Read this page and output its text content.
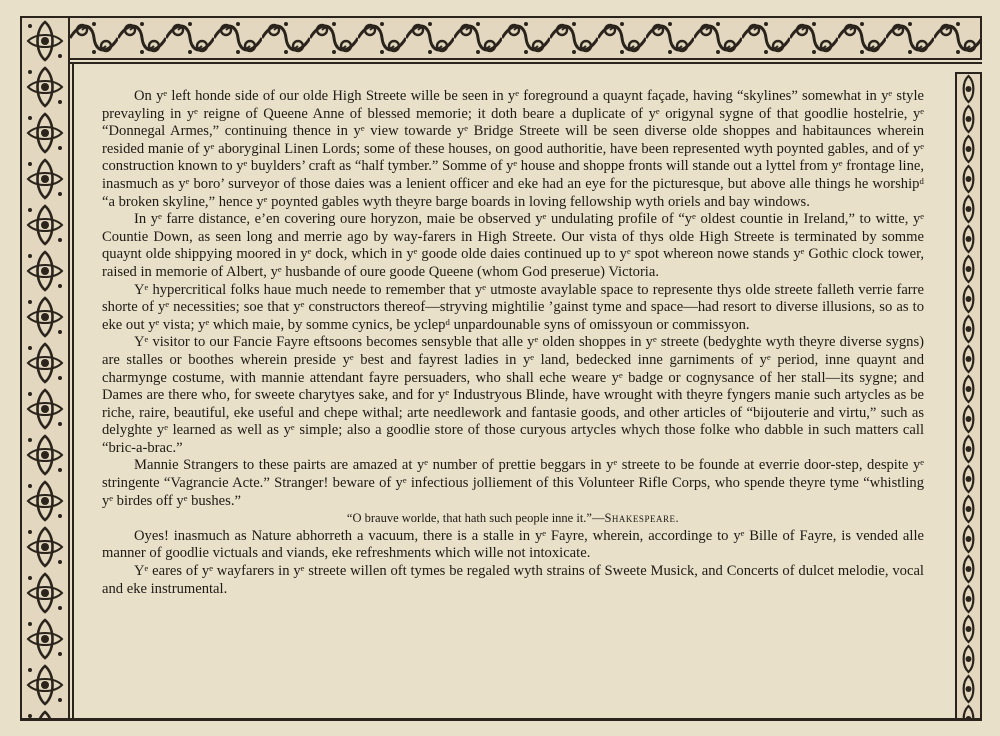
On yᵉ left honde side of our olde High Streete wille be seen in yᵉ foreground a quaynt façade, having “skylines” somewhat in yᵉ style prevayling in yᵉ reigne of Queene Anne of blessed memorie; it doth beare a duplicate of yᵉ origynal sygne of that goodlie hostelrie, yᵉ “Donnegal Armes,” continuing thence in yᵉ view towarde yᵉ Bridge Streete will be seen diverse olde shoppes and habitaunces wherein resided manie of yᵉ aboryginal Linen Lords; some of these houses, on good authoritie, have been represented wyth poynted gables, and of yᵉ construction known to yᵉ buylders’ craft as “half tymber.” Somme of yᵉ house and shoppe fronts will stande out a lyttel from yᵉ frontage line, inasmuch as yᵉ boro’ surveyor of those daies was a lenient officer and eke had an eye for the picturesque, but above alle things he worshipᵈ “a broken skyline,” hence yᵉ poynted gables wyth theyre barge boards in loving fellowship wyth oriels and bay windows.

In yᵉ farre distance, e’en covering oure horyzon, maie be observed yᵉ undulating profile of “yᵉ oldest countie in Ireland,” to witte, yᵉ Countie Down, as seen long and merrie ago by way-farers in High Streete. Our vista of thys olde High Streete is terminated by somme quaynt olde shippying moored in yᵉ dock, which in yᵉ goode olde daies continued up to yᵉ spot whereon nowe stands yᵉ Gothic clock tower, raised in memorie of Albert, yᵉ husbande of oure goode Queene (whom God preserue) Victoria.

Yᵉ hypercritical folks haue much neede to remember that yᵉ utmoste avaylable space to represente thys olde streete falleth verrie farre shorte of yᵉ necessities; soe that yᵉ constructors thereof—stryving mightilie ’gainst tyme and space—had resort to diverse illusions, so as to eke out yᵉ vista; yᵉ which maie, by somme cynics, be yclepᵈ unpardounable syns of omissyoun or commissyon.

Yᵉ visitor to our Fancie Fayre eftsoons becomes sensyble that alle yᵉ olden shoppes in yᵉ streete (bedyghte wyth theyre diverse sygns) are stalles or boothes wherein preside yᵉ best and fayrest ladies in yᵉ land, bedecked inne garniments of yᵉ period, inne quaynt and charmynge costume, with mannie attendant fayre persuaders, who shall eche weare yᵉ badge or cognysance of her stall—its sygne; and Dames are there who, for sweete charytyes sake, and for yᵉ Industryous Blinde, have wrought with theyre fyngers manie such artycles as be riche, raire, beautiful, eke useful and chepe withal; arte needlework and fantasie goods, and other articles of “bijouterie and virtu,” such as delyghte yᵉ learned as well as yᵉ simple; also a goodlie store of those curyous artycles whych those folke who dabble in such matters call “bric-a-brac.”

Mannie Strangers to these pairts are amazed at yᵉ number of prettie beggars in yᵉ streete to be founde at everrie door-step, despite yᵉ stringente “Vagrancie Acte.” Stranger! beware of yᵉ infectious jolliement of this Volunteer Rifle Corps, who spende theyre tyme “whistling yᵉ birdes off yᵉ bushes.”

“O brauve worlde, that hath such people inne it.”—Shakespeare.

Oyes! inasmuch as Nature abhorreth a vacuum, there is a stalle in yᵉ Fayre, wherein, accordinge to yᵉ Bille of Fayre, is vended alle manner of goodlie victuals and viands, eke refreshments which wille not intoxicate.

Yᵉ eares of yᵉ wayfarers in yᵉ streete willen oft tymes be regaled wyth strains of Sweete Musick, and Concerts of dulcet melodie, vocal and eke instrumental.
